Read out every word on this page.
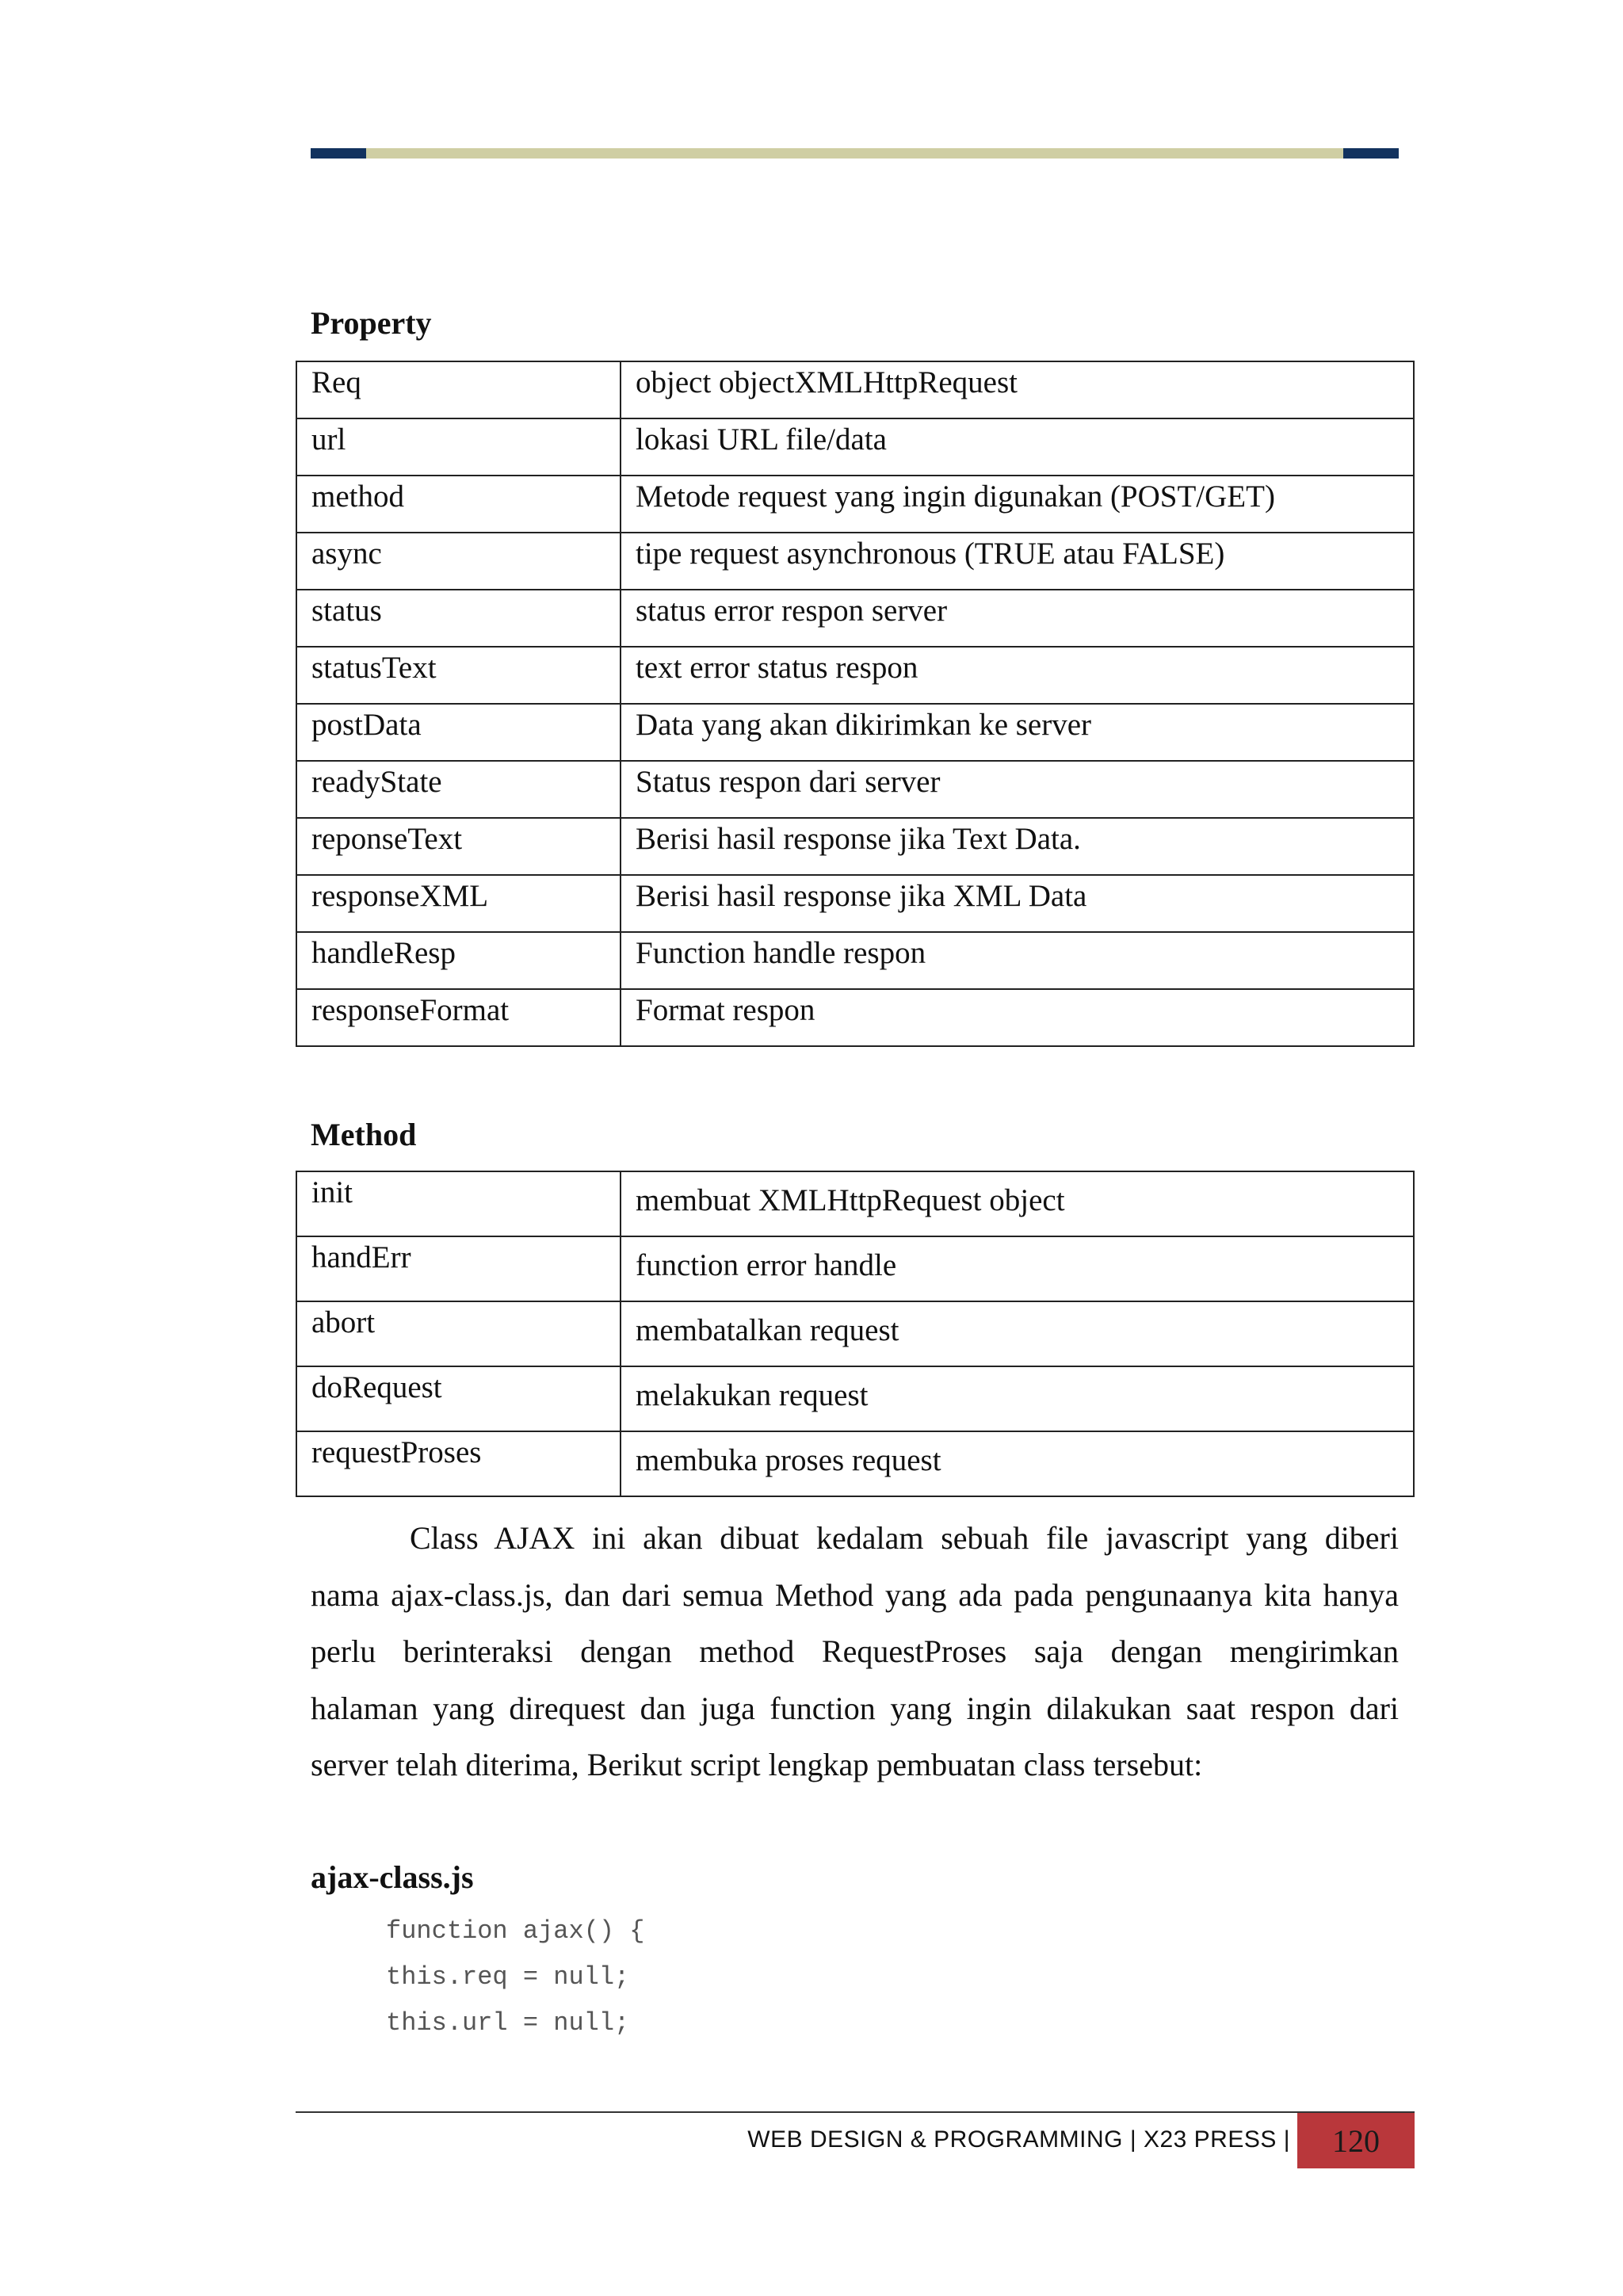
Property
Req	object objectXMLHttpRequest
url	lokasi URL file/data
method	Metode request yang ingin digunakan (POST/GET)
async	tipe request asynchronous (TRUE atau FALSE)
status	status error respon server
statusText	text error status respon
postData	Data yang akan dikirimkan ke server
readyState	Status respon dari server
reponseText	Berisi hasil response jika Text Data.
responseXML	Berisi hasil response jika XML Data
handleResp	Function handle respon
responseFormat	Format respon
Method
init	membuat XMLHttpRequest object
handErr	function error handle
abort	membatalkan request
doRequest	melakukan request
requestProses	membuka proses request
Class AJAX ini akan dibuat kedalam sebuah file javascript yang diberi
nama ajax-class.js, dan dari semua Method yang ada pada pengunaanya kita hanya
perlu berinteraksi dengan method RequestProses saja dengan mengirimkan
halaman yang direquest dan juga function yang ingin dilakukan saat respon dari
server telah diterima, Berikut script lengkap pembuatan class tersebut:
ajax-class.js
function ajax() {
this.req = null;
this.url = null;
WEB DESIGN & PROGRAMMING | X23 PRESS |	120
